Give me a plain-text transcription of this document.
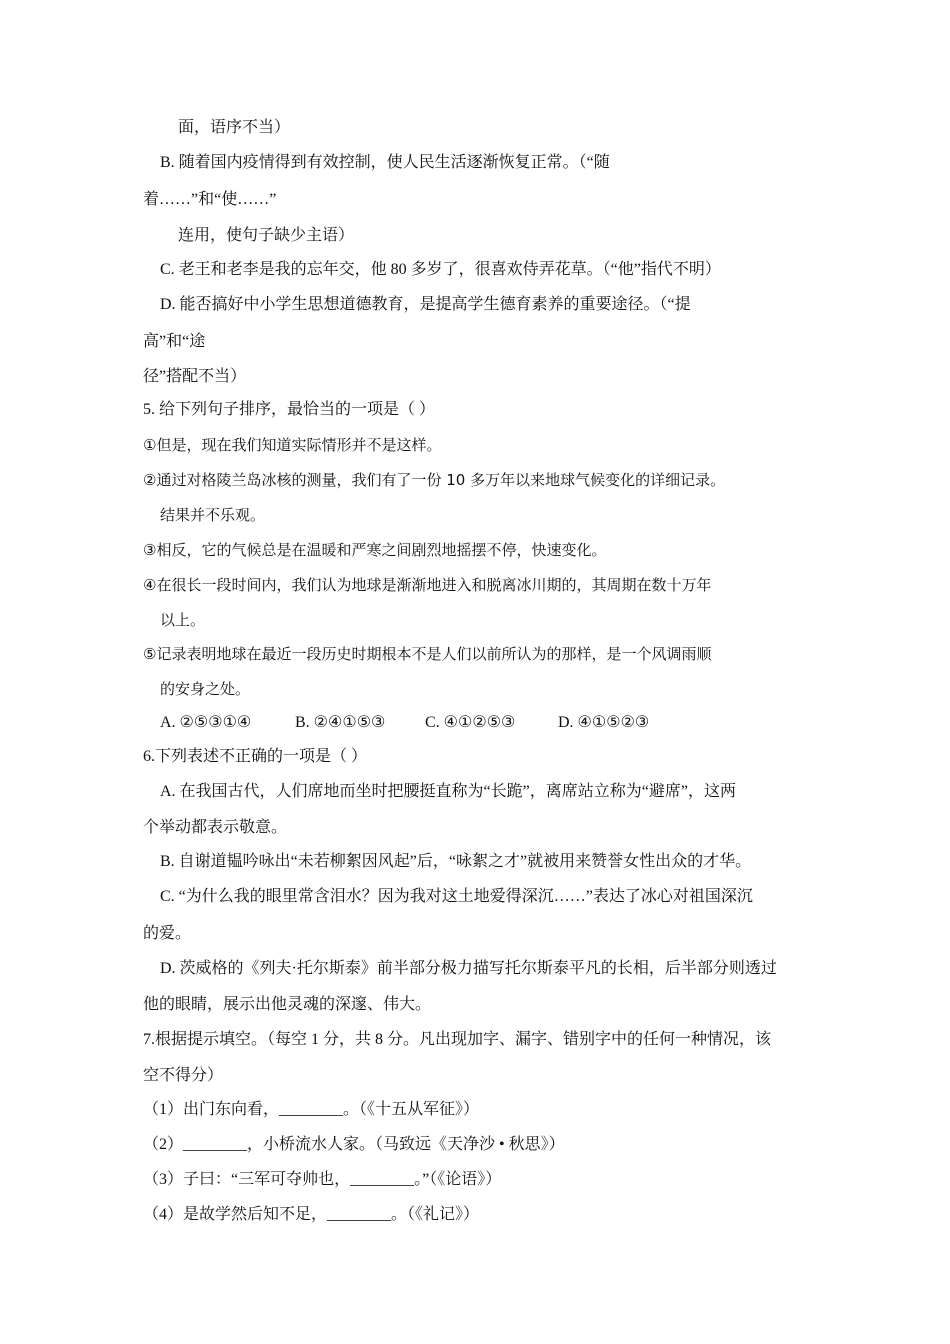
面，语序不当）
B. 随着国内疫情得到有效控制，使人民生活逐渐恢复正常。（“随
着……”和“使……”
连用，使句子缺少主语）
C. 老王和老李是我的忘年交，他 80 多岁了，很喜欢侍弄花草。（“他”指代不明）
D. 能否搞好中小学生思想道德教育，是提高学生德育素养的重要途径。（“提
高”和“途
径”搭配不当）
5. 给下列句子排序，最恰当的一项是（ ）
①但是，现在我们知道实际情形并不是这样。
②通过对格陵兰岛冰核的测量，我们有了一份 10 多万年以来地球气候变化的详细记录。
结果并不乐观。
③相反，它的气候总是在温暖和严寒之间剧烈地摇摆不停，快速变化。
④在很长一段时间内，我们认为地球是渐渐地进入和脱离冰川期的，其周期在数十万年
以上。
⑤记录表明地球在最近一段历史时期根本不是人们以前所认为的那样，是一个风调雨顺
的安身之处。
A. ②⑤③①④	B. ②④①⑤③ C. ④①②⑤③	D. ④①⑤②③
6.下列表述不正确的一项是（ ）
A. 在我国古代，人们席地而坐时把腰挺直称为“长跪”，离席站立称为“避席”，这两
个举动都表示敬意。
B. 自谢道韫吟咏出“未若柳絮因风起”后，“咏絮之才”就被用来赞誉女性出众的才华。
C. “为什么我的眼里常含泪水？因为我对这土地爱得深沉……”表达了冰心对祖国深沉
的爱。
D. 茨威格的《列夫·托尔斯泰》前半部分极力描写托尔斯泰平凡的长相，后半部分则透过
他的眼睛，展示出他灵魂的深邃、伟大。
7.根据提示填空。（每空 1 分，共 8 分。凡出现加字、漏字、错别字中的任何一种情况，该
空不得分）
（1）出门东向看，________。（《十五从军征》）
（2）________，小桥流水人家。（马致远《天净沙 • 秋思》）
（3）子曰：“三军可夺帅也，________。”（《论语》）
（4）是故学然后知不足，________。（《礼记》）
